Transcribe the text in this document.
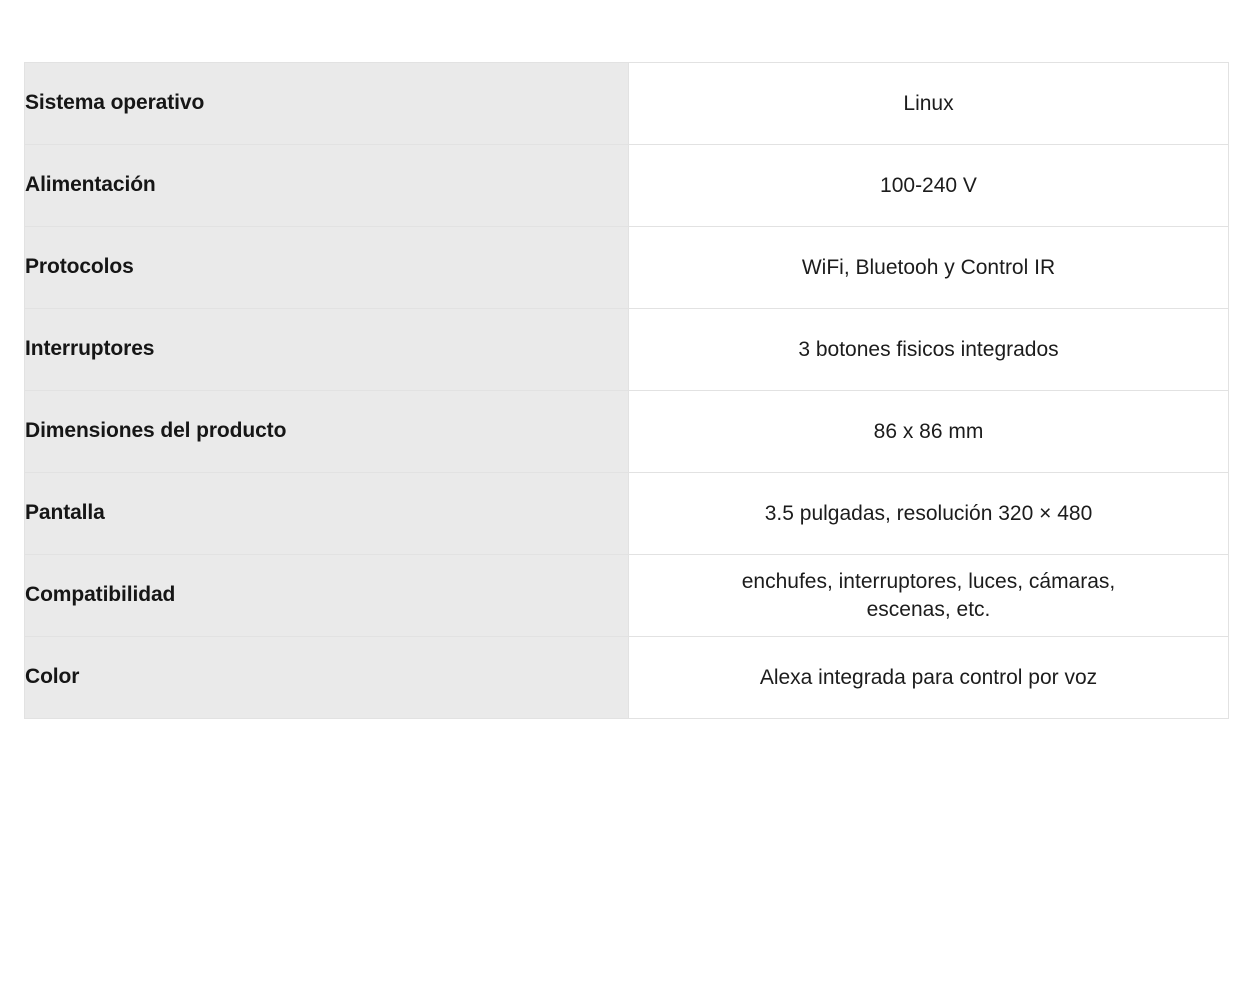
Sistema operativo	Linux

Alimentación	100-240 V

Protocolos	WiFi, Bluetooh y Control IR

Interruptores	3 botones fisicos integrados

Dimensiones del producto	86 x 86 mm

Pantalla	3.5 pulgadas, resolución 320 × 480

Compatibilidad	enchufes, interruptores, luces, cámaras,
escenas, etc.

Color	Alexa integrada para control por voz
